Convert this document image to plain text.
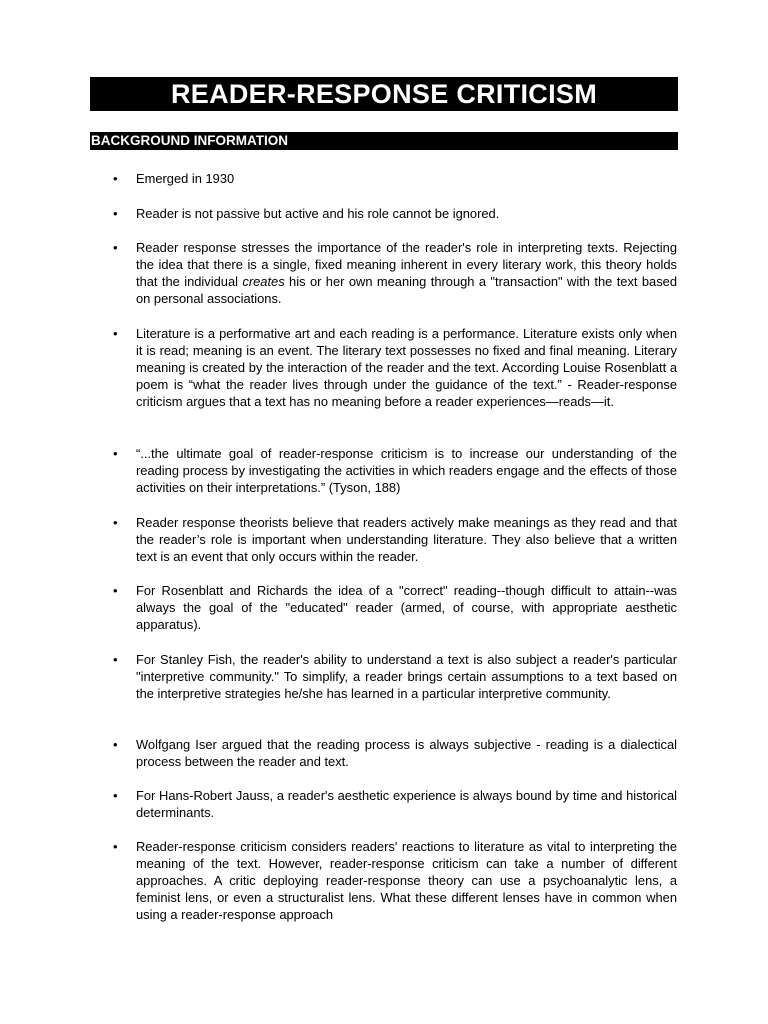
READER-RESPONSE CRITICISM
BACKGROUND INFORMATION
• Emerged in 1930

• Reader is not passive but active and his role cannot be ignored.

• Reader response stresses the importance of the reader's role in interpreting texts. Rejecting the idea that there is a single, fixed meaning inherent in every literary work, this theory holds that the individual creates his or her own meaning through a "transaction" with the text based on personal associations.

• Literature is a performative art and each reading is a performance. Literature exists only when it is read; meaning is an event. The literary text possesses no fixed and final meaning. Literary meaning is created by the interaction of the reader and the text. According Louise Rosenblatt a poem is “what the reader lives through under the guidance of the text.” - Reader-response criticism argues that a text has no meaning before a reader experiences—reads—it.

• “...the ultimate goal of reader-response criticism is to increase our understanding of the reading process by investigating the activities in which readers engage and the effects of those activities on their interpretations.” (Tyson, 188)

• Reader response theorists believe that readers actively make meanings as they read and that the reader’s role is important when understanding literature. They also believe that a written text is an event that only occurs within the reader.

• For Rosenblatt and Richards the idea of a "correct" reading--though difficult to attain--was always the goal of the "educated" reader (armed, of course, with appropriate aesthetic apparatus).

• For Stanley Fish, the reader's ability to understand a text is also subject a reader's particular "interpretive community." To simplify, a reader brings certain assumptions to a text based on the interpretive strategies he/she has learned in a particular interpretive community.

• Wolfgang Iser argued that the reading process is always subjective - reading is a dialectical process between the reader and text.

• For Hans-Robert Jauss, a reader's aesthetic experience is always bound by time and historical determinants.

• Reader-response criticism considers readers' reactions to literature as vital to interpreting the meaning of the text. However, reader-response criticism can take a number of different approaches. A critic deploying reader-response theory can use a psychoanalytic lens, a feminist lens, or even a structuralist lens. What these different lenses have in common when using a reader-response approach
